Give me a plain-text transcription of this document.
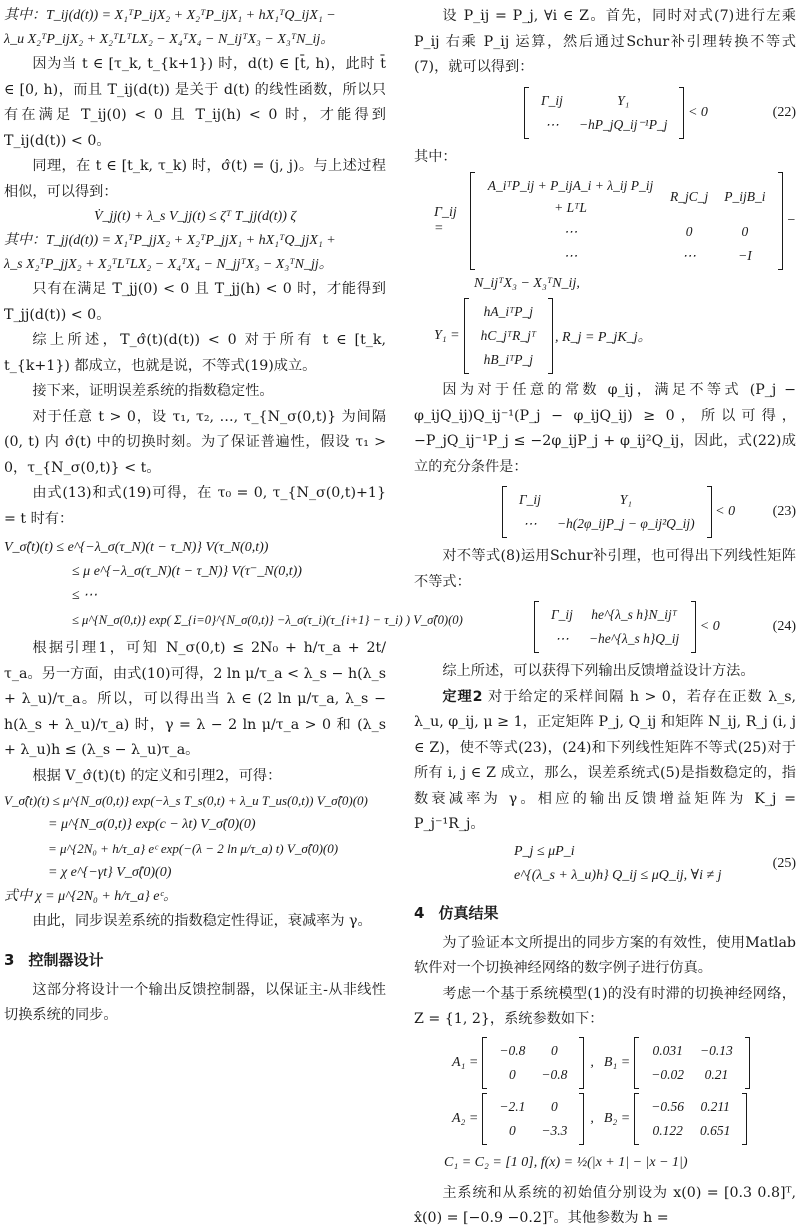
其中：T_ij(d(t)) = X₁ᵀP_ijX₂ + X₂ᵀP_ijX₁ + hX₁ᵀQ_ijX₁ −

λ_u X₂ᵀP_ijX₂ + X₂ᵀLᵀLX₂ − X₄ᵀX₄ − N_ijᵀX₃ − X₃ᵀN_ij。

因为当 t ∈ [τ_k, t_{k+1}) 时，d(t) ∈ [t̄, h)，此时 t̄ ∈ [0, h)，而且 T_ij(d(t)) 是关于 d(t) 的线性函数，所以只有在满足 T_ij(0) < 0 且 T_ij(h) < 0 时，才能得到 T_ij(d(t)) < 0。

同理，在 t ∈ [t_k, τ_k) 时，σ̂(t) = (j, j)。与上述过程相似，可以得到：

V̇_jj(t) + λ_s V_jj(t) ≤ ζᵀ T_jj(d(t)) ζ

其中：T_jj(d(t)) = X₁ᵀP_jjX₂ + X₂ᵀP_jjX₁ + hX₁ᵀQ_jjX₁ +

λ_s X₂ᵀP_jjX₂ + X₂ᵀLᵀLX₂ − X₄ᵀX₄ − N_jjᵀX₃ − X₃ᵀN_jj。

只有在满足 T_jj(0) < 0 且 T_jj(h) < 0 时，才能得到 T_jj(d(t)) < 0。

综上所述，T_σ̂(t)(d(t)) < 0 对于所有 t ∈ [t_k, t_{k+1}) 都成立，也就是说，不等式(19)成立。

接下来，证明误差系统的指数稳定性。

对于任意 t > 0，设 τ₁, τ₂, …, τ_{N_σ(0,t)} 为间隔 (0, t) 内 σ̂(t) 中的切换时刻。为了保证普遍性，假设 τ₁ > 0，τ_{N_σ(0,t)} < t。

由式(13)和式(19)可得，在 τ₀ = 0, τ_{N_σ(0,t)+1} = t 时有：

V_σ̂(t)(t) ≤ e^{−λ_σ(τ_N)(t − τ_N)} V(τ_N(0,t))

≤ μ e^{−λ_σ(τ_N)(t − τ_N)} V(τ⁻_N(0,t))

≤ ⋯

≤ μ^{N_σ(0,t)} exp( Σ_{i=0}^{N_σ(0,t)} −λ_σ(τ_i)(τ_{i+1} − τ_i) ) V_σ̂(0)(0)

根据引理1，可知 N_σ(0,t) ≤ 2N₀ + h/τ_a + 2t/τ_a。另一方面，由式(10)可得，2 ln μ/τ_a < λ_s − h(λ_s + λ_u)/τ_a。所以，可以得出当 λ ∈ (2 ln μ/τ_a, λ_s − h(λ_s + λ_u)/τ_a) 时，γ = λ − 2 ln μ/τ_a > 0 和 (λ_s + λ_u)h ≤ (λ_s − λ_u)τ_a。

根据 V_σ̂(t)(t) 的定义和引理2，可得：

V_σ̂(t)(t) ≤ μ^{N_σ(0,t)} exp(−λ_s T_s(0,t) + λ_u T_us(0,t)) V_σ̂(0)(0)

= μ^{N_σ(0,t)} exp(c − λt) V_σ̂(0)(0)

= μ^{2N₀ + h/τ_a} eᶜ exp(−(λ − 2 ln μ/τ_a) t) V_σ̂(0)(0)

= χ e^{−γt} V_σ̂(0)(0)

式中 χ = μ^{2N₀ + h/τ_a} eᶜ。

由此，同步误差系统的指数稳定性得证，衰减率为 γ。

3 控制器设计

这部分将设计一个输出反馈控制器，以保证主-从非线性切换系统的同步。

设 P_ij = P_j, ∀i ∈ Z。首先，同时对式(7)进行左乘 P_ij 右乘 P_ij 运算，然后通过Schur补引理转换不等式(7)，就可以得到：

Γ_ij	Υ₁
⋯	−hP_jQ_ij⁻¹P_j
< 0	(22)

其中：

Γ_ij =
A_iᵀP_ij + P_ijA_i + λ_ij P_ij + LᵀL	R_jC_j	P_ijB_i
⋯	0	0
⋯	⋯	−I
−

N_ijᵀX₃ − X₃ᵀN_ij,

Υ₁ =
hA_iᵀP_j
hC_jᵀR_jᵀ
hB_iᵀP_j
, R_j = P_jK_j。

因为对于任意的常数 φ_ij，满足不等式 (P_j − φ_ijQ_ij)Q_ij⁻¹(P_j − φ_ijQ_ij) ≥ 0，所以可得，−P_jQ_ij⁻¹P_j ≤ −2φ_ijP_j + φ_ij²Q_ij，因此，式(22)成立的充分条件是：

Γ_ij	Υ₁
⋯	−h(2φ_ijP_j − φ_ij²Q_ij)
< 0	(23)

对不等式(8)运用Schur补引理，也可得出下列线性矩阵不等式：

Γ_ij	he^{λ_s h}N_ijᵀ
⋯	−he^{λ_s h}Q_ij
< 0	(24)

综上所述，可以获得下列输出反馈增益设计方法。

定理2 对于给定的采样间隔 h > 0，若存在正数 λ_s, λ_u, φ_ij, μ ≥ 1，正定矩阵 P_j, Q_ij 和矩阵 N_ij, R_j (i, j ∈ Z)，使不等式(23)，(24)和下列线性矩阵不等式(25)对于所有 i, j ∈ Z 成立，那么，误差系统式(5)是指数稳定的，指数衰减率为 γ。相应的输出反馈增益矩阵为 K_j = P_j⁻¹R_j。

P_j ≤ μP_i
e^{(λ_s + λ_u)h} Q_ij ≤ μQ_ij, ∀i ≠ j
(25)
4 仿真结果

为了验证本文所提出的同步方案的有效性，使用Matlab软件对一个切换神经网络的数字例子进行仿真。

考虑一个基于系统模型(1)的没有时滞的切换神经网络，Z = {1, 2}，系统参数如下：

A₁ =
−0.8	0
0	−0.8
, B₁ =
0.031	−0.13
−0.02	0.21
A₂ =
−2.1	0
0	−3.3
, B₂ =
−0.56	0.211
0.122	0.651

C₁ = C₂ = [1 0], f(x) = ½(|x + 1| − |x − 1|)

主系统和从系统的初始值分别设为 x(0) = [0.3 0.8]ᵀ, x̂(0) = [−0.9 −0.2]ᵀ。其他参数为 h =
